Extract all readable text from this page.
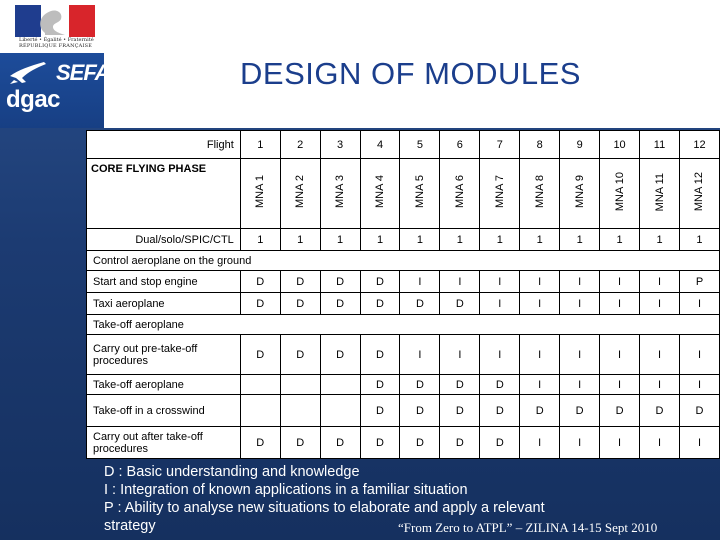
Liberté • Égalité • Fraternité
RÉPUBLIQUE FRANÇAISE
SEFA
dgac
DESIGN OF MODULES
Flight	1	2	3	4	5	6	7	8	9	10	11	12
CORE FLYING PHASE	MNA 1	MNA 2	MNA 3	MNA 4	MNA 5	MNA 6	MNA 7	MNA 8	MNA 9	MNA 10	MNA 11	MNA 12
Dual/solo/SPIC/CTL	1	1	1	1	1	1	1	1	1	1	1	1
Control aeroplane on the ground												
Start and stop engine	D	D	D	D	I	I	I	I	I	I	I	P
Taxi aeroplane	D	D	D	D	D	D	I	I	I	I	I	I
Take-off aeroplane												
Carry out pre-take-off procedures	D	D	D	D	I	I	I	I	I	I	I	I
Take-off aeroplane				D	D	D	D	I	I	I	I	I
Take-off in a crosswind				D	D	D	D	D	D	D	D	D
Carry out after take-off procedures	D	D	D	D	D	D	D	I	I	I	I	I
D : Basic understanding and knowledge
I : Integration of known applications in a familiar situation
P : Ability to analyse new situations to elaborate and apply a relevant
strategy	“From Zero to ATPL” – ZILINA 14-15 Sept 2010
